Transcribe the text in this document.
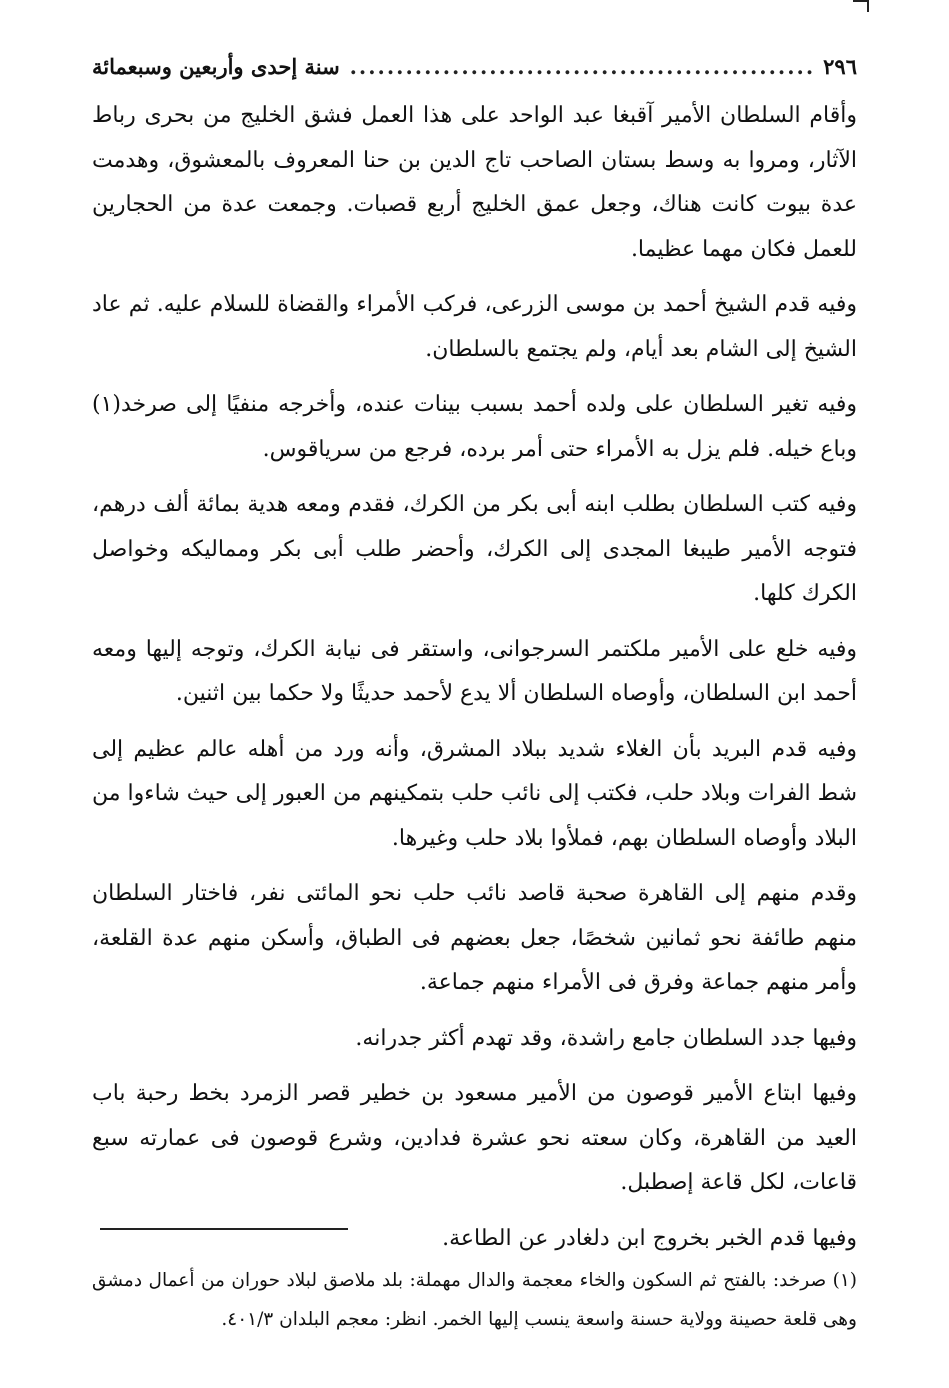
٢٩٦
.....
سنة إحدى وأربعين وسبعمائة

وأقام السلطان الأمير آقبغا عبد الواحد على هذا العمل فشق الخليج من بحرى رباط الآثار، ومروا به وسط بستان الصاحب تاج الدين بن حنا المعروف بالمعشوق، وهدمت عدة بيوت كانت هناك، وجعل عمق الخليج أربع قصبات. وجمعت عدة من الحجارين للعمل فكان مهما عظيما.

وفيه قدم الشيخ أحمد بن موسى الزرعى، فركب الأمراء والقضاة للسلام عليه. ثم عاد الشيخ إلى الشام بعد أيام، ولم يجتمع بالسلطان.

وفيه تغير السلطان على ولده أحمد بسبب بينات عنده، وأخرجه منفيًا إلى صرخد(١) وباع خيله. فلم يزل به الأمراء حتى أمر برده، فرجع من سرياقوس.

وفيه كتب السلطان بطلب ابنه أبى بكر من الكرك، فقدم ومعه هدية بمائة ألف درهم، فتوجه الأمير طيبغا المجدى إلى الكرك، وأحضر طلب أبى بكر ومماليكه وخواصل الكرك كلها.

وفيه خلع على الأمير ملكتمر السرجوانى، واستقر فى نيابة الكرك، وتوجه إليها ومعه أحمد ابن السلطان، وأوصاه السلطان ألا يدع لأحمد حديثًا ولا حكما بين اثنين.

وفيه قدم البريد بأن الغلاء شديد ببلاد المشرق، وأنه ورد من أهله عالم عظيم إلى شط الفرات وبلاد حلب، فكتب إلى نائب حلب بتمكينهم من العبور إلى حيث شاءوا من البلاد وأوصاه السلطان بهم، فملأوا بلاد حلب وغيرها.

وقدم منهم إلى القاهرة صحبة قاصد نائب حلب نحو المائتى نفر، فاختار السلطان منهم طائفة نحو ثمانين شخصًا، جعل بعضهم فى الطباق، وأسكن منهم عدة القلعة، وأمر منهم جماعة وفرق فى الأمراء منهم جماعة.

وفيها جدد السلطان جامع راشدة، وقد تهدم أكثر جدرانه.

وفيها ابتاع الأمير قوصون من الأمير مسعود بن خطير قصر الزمرد بخط رحبة باب العيد من القاهرة، وكان سعته نحو عشرة فدادين، وشرع قوصون فى عمارته سبع قاعات، لكل قاعة إصطبل.

وفيها قدم الخبر بخروج ابن دلغادر عن الطاعة.

(١) صرخد: بالفتح ثم السكون والخاء معجمة والدال مهملة: بلد ملاصق لبلاد حوران من أعمال دمشق وهى قلعة حصينة وولاية حسنة واسعة ينسب إليها الخمر. انظر: معجم البلدان ٤٠١/٣.
